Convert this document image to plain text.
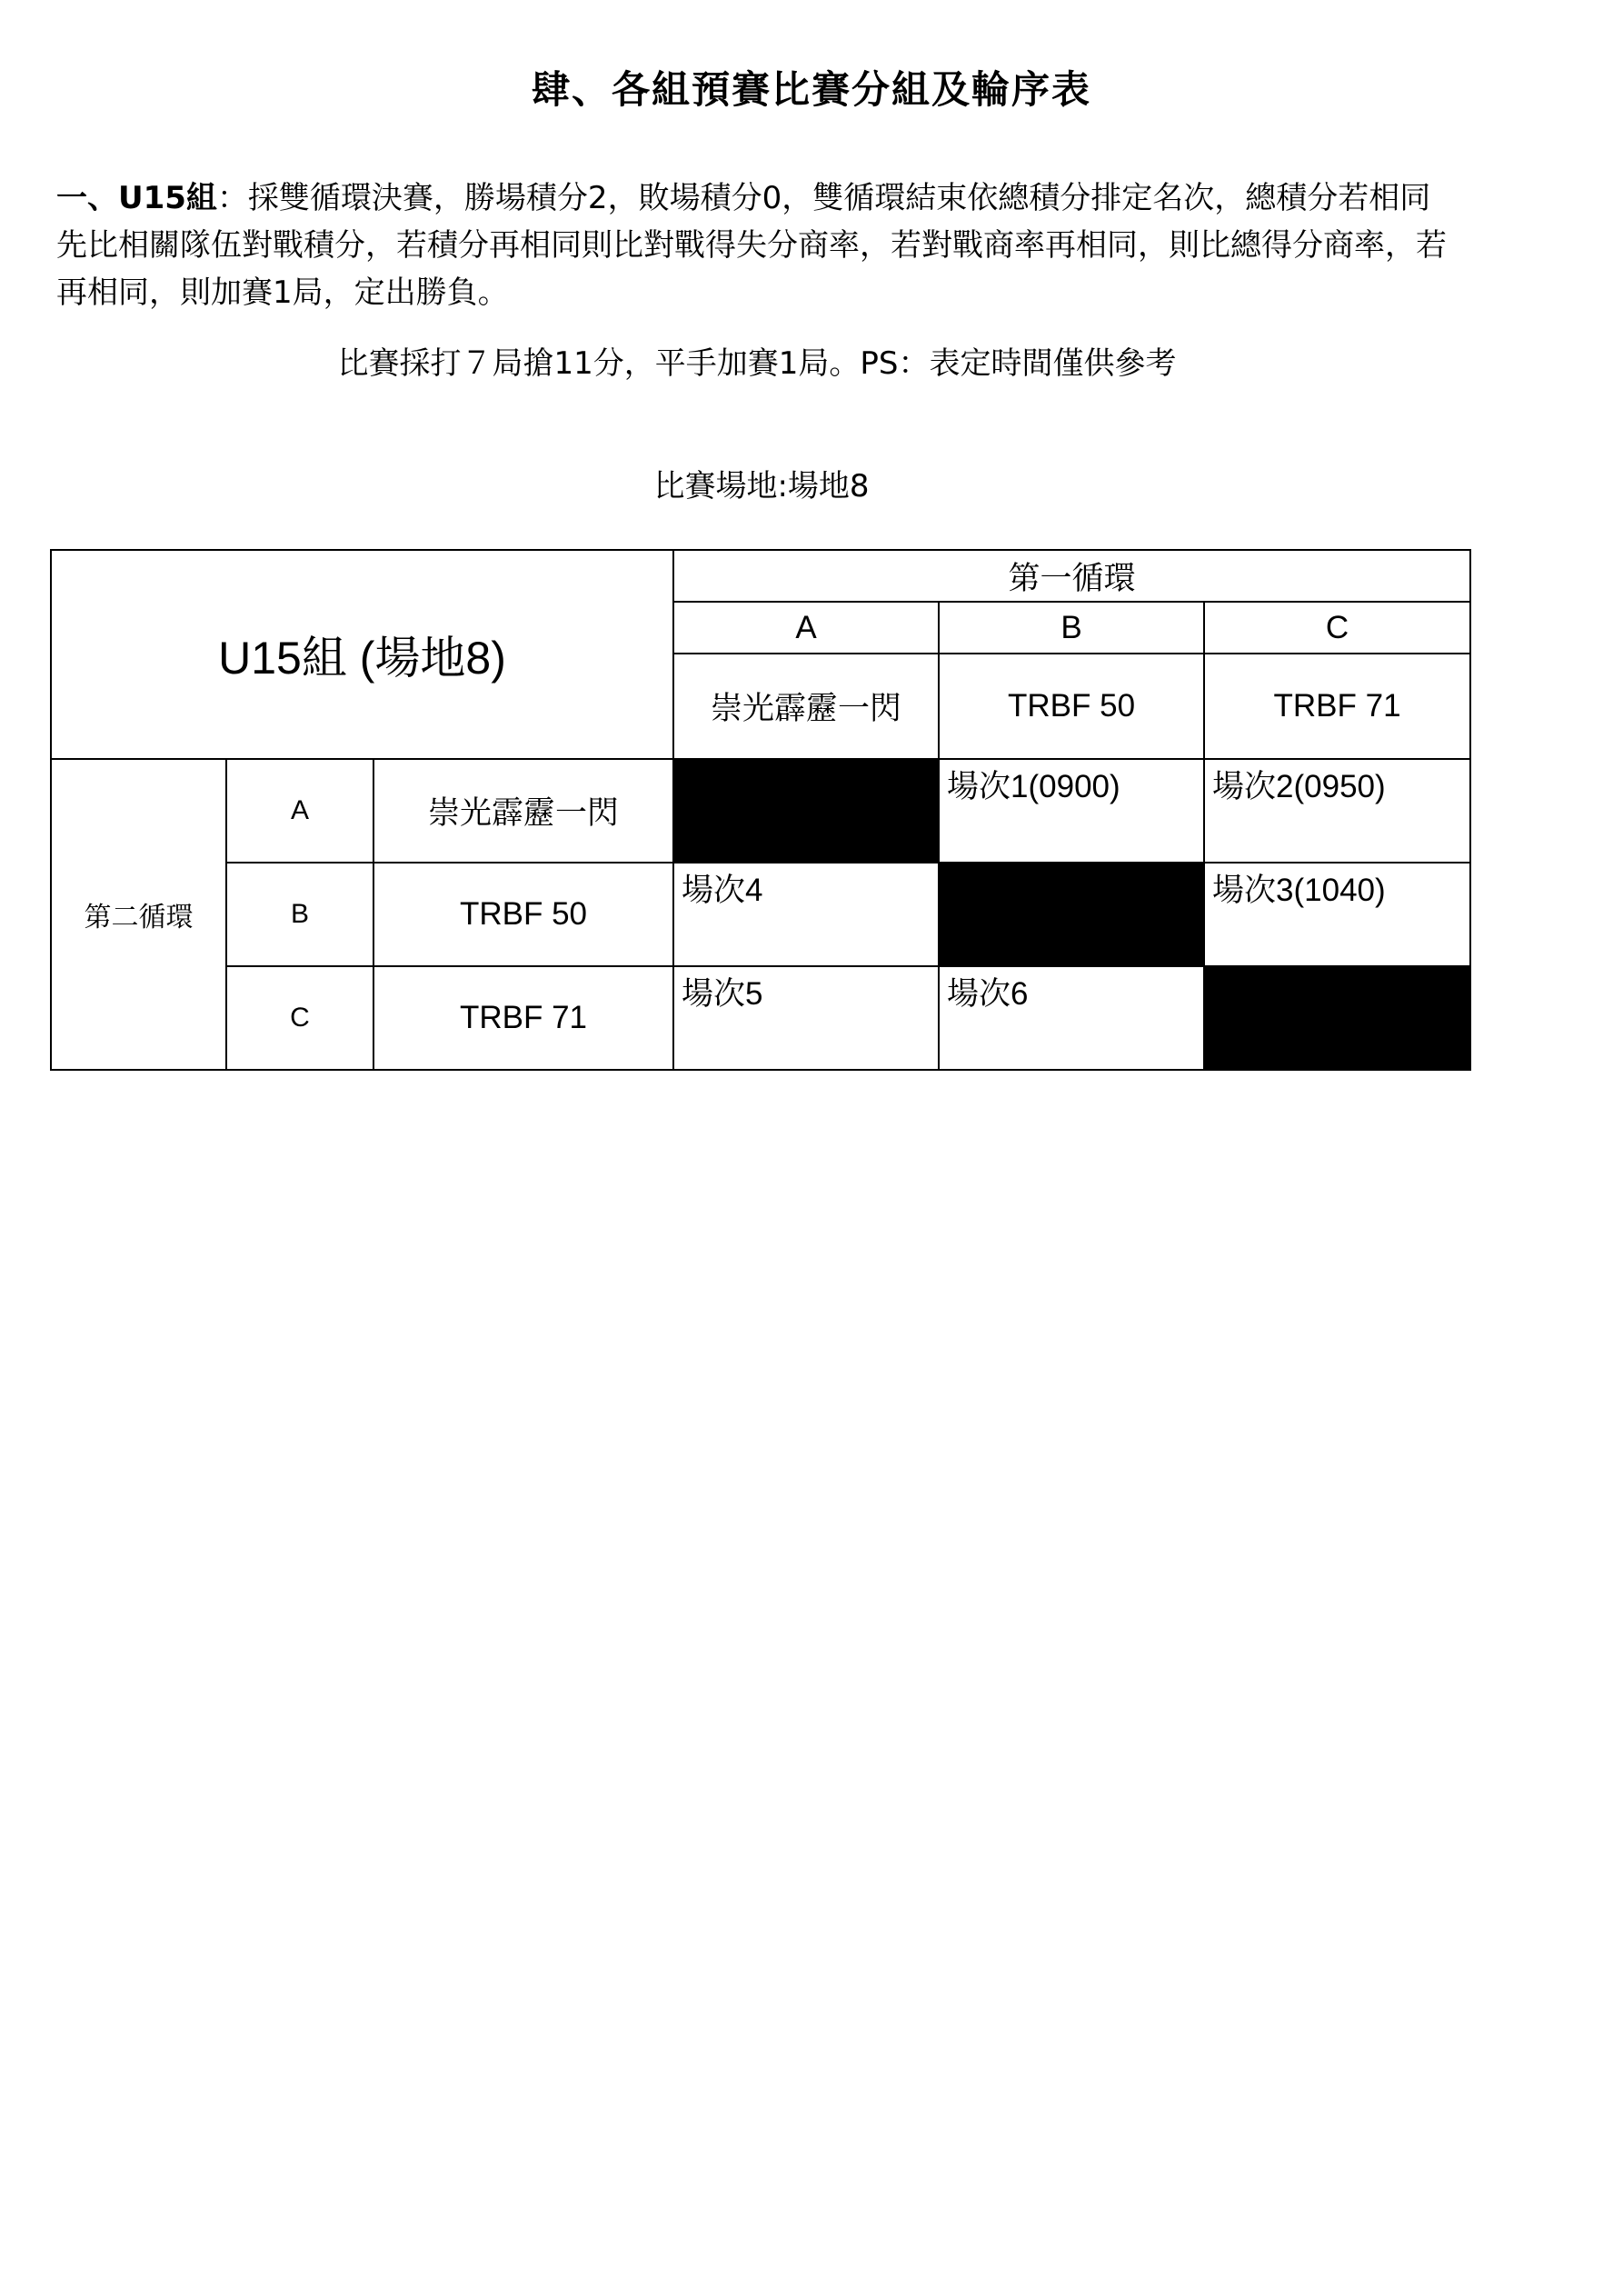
肆、各組預賽比賽分組及輪序表
一、U15組：採雙循環決賽，勝場積分2，敗場積分0，雙循環結束依總積分排定名次，總積分若相同先比相關隊伍對戰積分，若積分再相同則比對戰得失分商率，若對戰商率再相同，則比總得分商率，若再相同，則加賽1局，定出勝負。
比賽採打７局搶11分，平手加賽1局。PS：表定時間僅供參考
比賽場地:場地8
U15組 (場地8)			第一循環		
			A	B	C
			崇光霹靂一閃	TRBF 50	TRBF 71
第二循環	A	崇光霹靂一閃		場次1(0900)	場次2(0950)
	B	TRBF 50	場次4		場次3(1040)
	C	TRBF 71	場次5	場次6	
